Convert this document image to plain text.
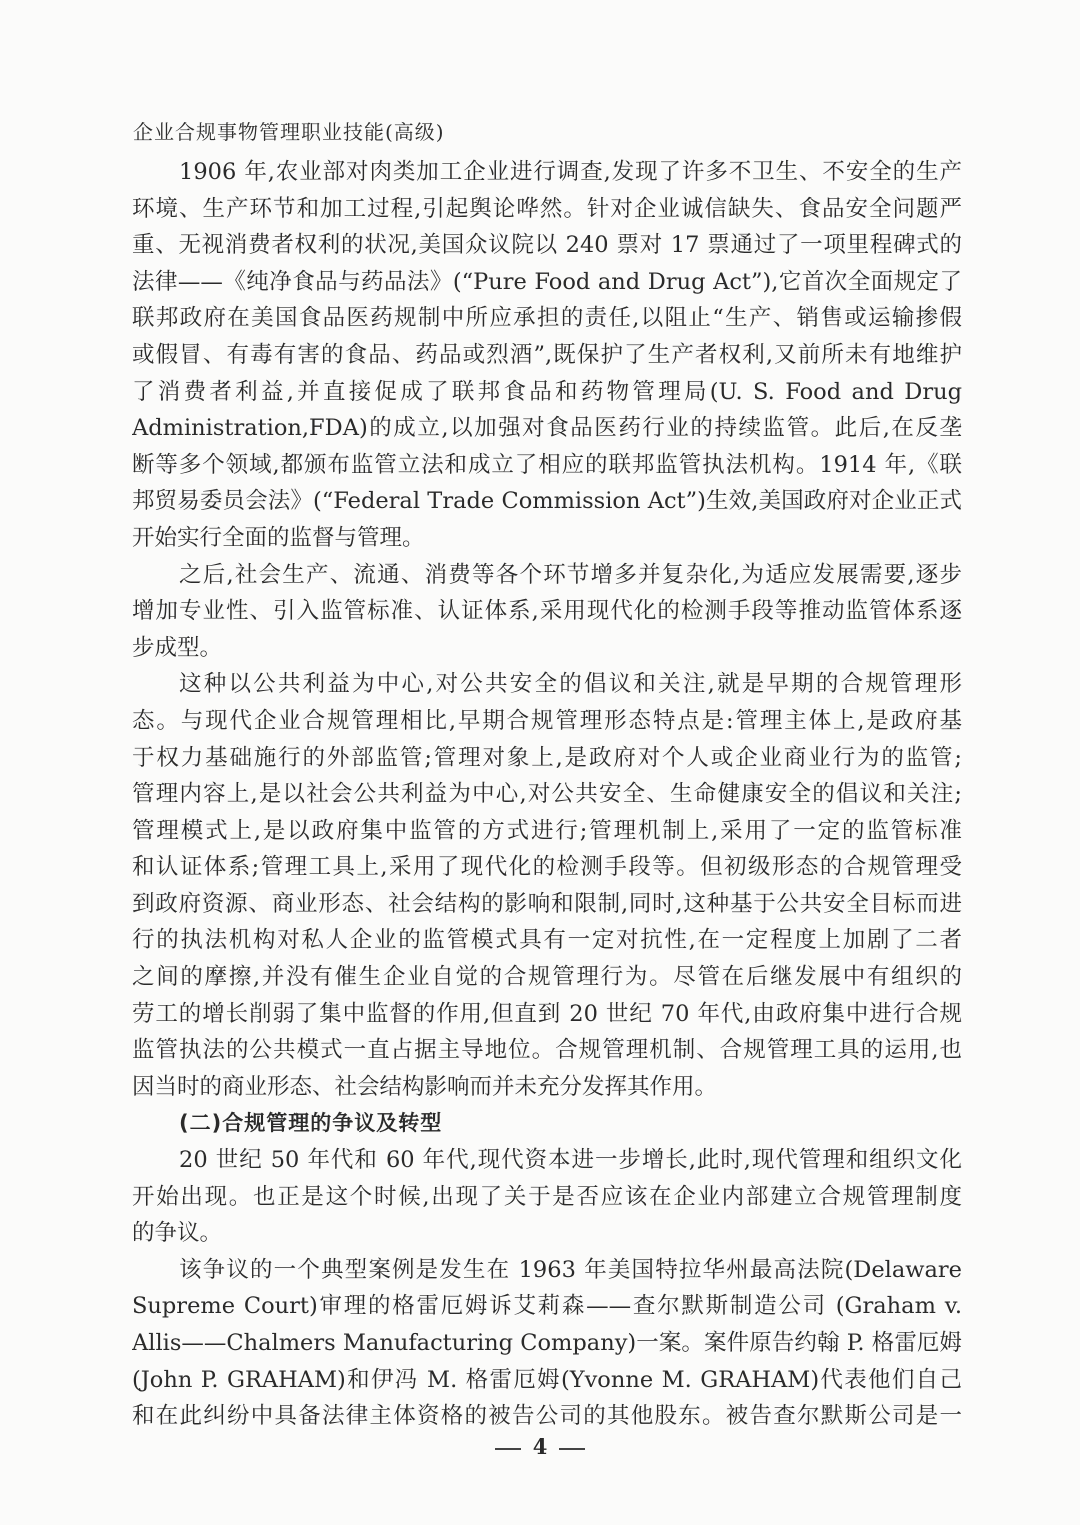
企业合规事物管理职业技能(高级)
1906 年,农业部对肉类加工企业进行调查,发现了许多不卫生、不安全的生产
环境、生产环节和加工过程,引起舆论哗然。针对企业诚信缺失、食品安全问题严
重、无视消费者权利的状况,美国众议院以 240 票对 17 票通过了一项里程碑式的
法律——《纯净食品与药品法》(“Pure Food and Drug Act”),它首次全面规定了
联邦政府在美国食品医药规制中所应承担的责任,以阻止“生产、销售或运输掺假
或假冒、有毒有害的食品、药品或烈酒”,既保护了生产者权利,又前所未有地维护
了消费者利益,并直接促成了联邦食品和药物管理局(U. S. Food and Drug
Administration,FDA)的成立,以加强对食品医药行业的持续监管。此后,在反垄
断等多个领域,都颁布监管立法和成立了相应的联邦监管执法机构。1914 年,《联
邦贸易委员会法》(“Federal Trade Commission Act”)生效,美国政府对企业正式
开始实行全面的监督与管理。
之后,社会生产、流通、消费等各个环节增多并复杂化,为适应发展需要,逐步
增加专业性、引入监管标准、认证体系,采用现代化的检测手段等推动监管体系逐
步成型。
这种以公共利益为中心,对公共安全的倡议和关注,就是早期的合规管理形
态。与现代企业合规管理相比,早期合规管理形态特点是:管理主体上,是政府基
于权力基础施行的外部监管;管理对象上,是政府对个人或企业商业行为的监管;
管理内容上,是以社会公共利益为中心,对公共安全、生命健康安全的倡议和关注;
管理模式上,是以政府集中监管的方式进行;管理机制上,采用了一定的监管标准
和认证体系;管理工具上,采用了现代化的检测手段等。但初级形态的合规管理受
到政府资源、商业形态、社会结构的影响和限制,同时,这种基于公共安全目标而进
行的执法机构对私人企业的监管模式具有一定对抗性,在一定程度上加剧了二者
之间的摩擦,并没有催生企业自觉的合规管理行为。尽管在后继发展中有组织的
劳工的增长削弱了集中监督的作用,但直到 20 世纪 70 年代,由政府集中进行合规
监管执法的公共模式一直占据主导地位。合规管理机制、合规管理工具的运用,也
因当时的商业形态、社会结构影响而并未充分发挥其作用。
(二)合规管理的争议及转型
20 世纪 50 年代和 60 年代,现代资本进一步增长,此时,现代管理和组织文化
开始出现。也正是这个时候,出现了关于是否应该在企业内部建立合规管理制度
的争议。
该争议的一个典型案例是发生在 1963 年美国特拉华州最高法院(Delaware
Supreme Court)审理的格雷厄姆诉艾莉森——查尔默斯制造公司 (Graham v.
Allis——Chalmers Manufacturing Company)一案。案件原告约翰 P. 格雷厄姆
(John P. GRAHAM)和伊冯 M. 格雷厄姆(Yvonne M. GRAHAM)代表他们自己
和在此纠纷中具备法律主体资格的被告公司的其他股东。被告查尔默斯公司是一
4
